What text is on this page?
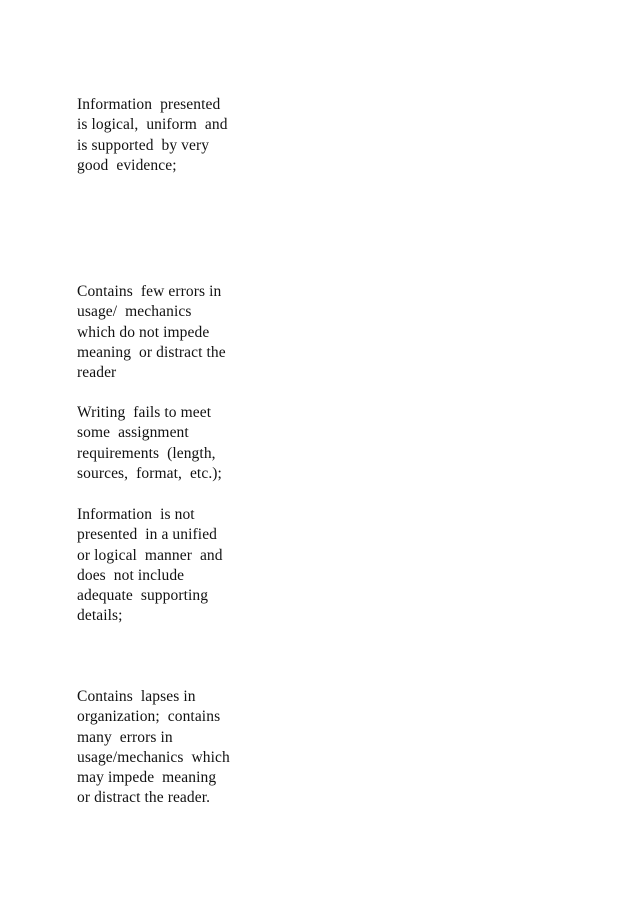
Information  presented
is logical,  uniform  and
is supported  by very
good  evidence;

Contains  few errors in
usage/  mechanics
which do not impede
meaning  or distract the
reader

Writing  fails to meet
some  assignment
requirements  (length,
sources,  format,  etc.);

Information  is not
presented  in a unified
or logical  manner  and
does  not include
adequate  supporting
details;

Contains  lapses in
organization;  contains
many  errors in
usage/mechanics  which
may impede  meaning
or distract the reader.
